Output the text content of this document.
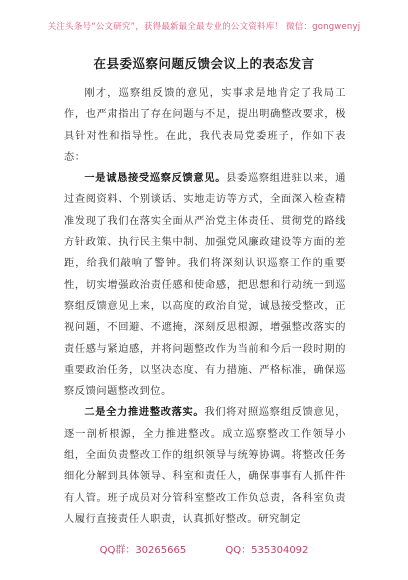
关注头条号“公文研究”，获得最新最全最专业的公文资料库！ 微信：gongwenyj
在县委巡察问题反馈会议上的表态发言

刚才，巡察组反馈的意见，实事求是地肯定了我局工作，也严肃指出了存在问题与不足，提出明确整改要求，极具针对性和指导性。在此，我代表局党委班子，作如下表态：

一是诚恳接受巡察反馈意见。县委巡察组进驻以来，通过查阅资料、个别谈话、实地走访等方式，全面深入检查精准发现了我们在落实全面从严治党主体责任、贯彻党的路线方针政策、执行民主集中制、加强党风廉政建设等方面的差距，给我们敲响了警钟。我们将深刻认识巡察工作的重要性，切实增强政治责任感和使命感，把思想和行动统一到巡察组反馈意见上来，以高度的政治自觉，诚恳接受整改，正视问题，不回避、不遮掩，深刻反思根源，增强整改落实的责任感与紧迫感，并将问题整改作为当前和今后一段时期的重要政治任务，以坚决态度、有力措施、严格标准，确保巡察反馈问题整改到位。

二是全力推进整改落实。我们将对照巡察组反馈意见，逐一剖析根源，全力推进整改。成立巡察整改工作领导小组，全面负责整改工作的组织领导与统筹协调。将整改任务细化分解到具体领导、科室和责任人，确保事事有人抓件件有人管。班子成员对分管科室整改工作负总责，各科室负责人履行直接责任人职责，认真抓好整改。研究制定

QQ群：30265665	QQ：535304092
